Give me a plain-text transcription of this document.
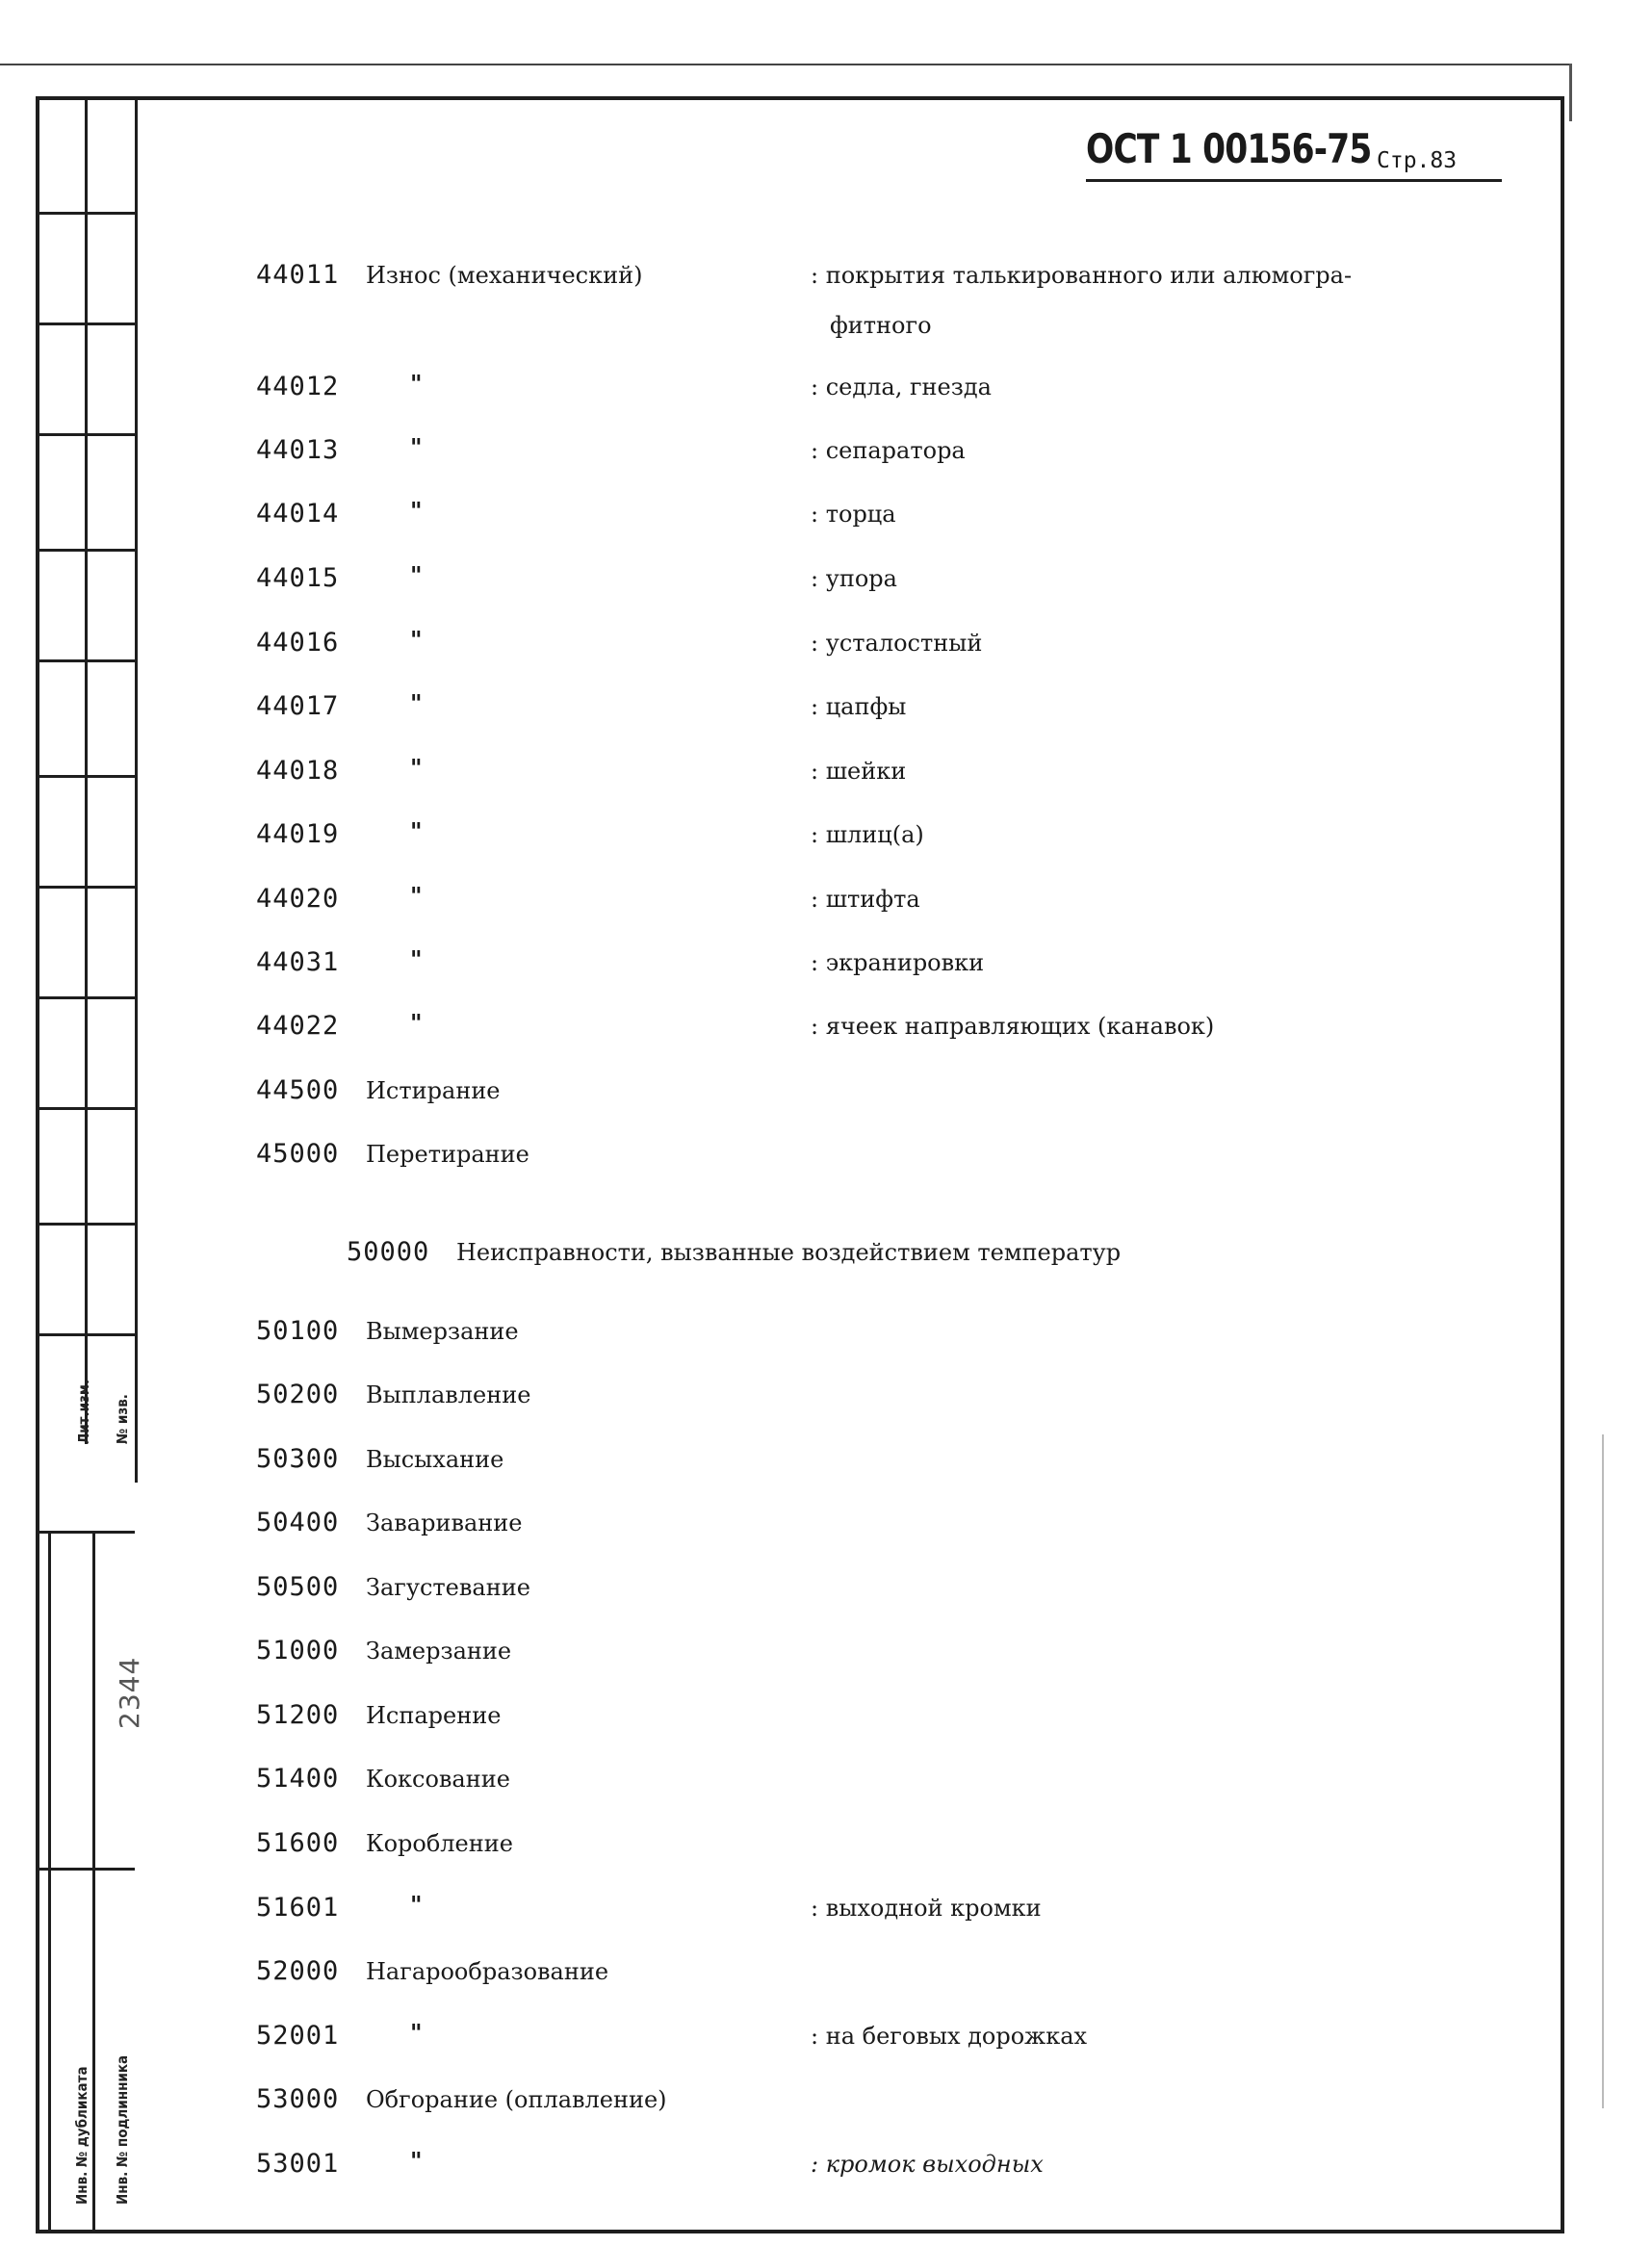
Лит.изм. № изв.
Инв. № дубликата Инв. № подлинника
2344
ОСТ 1 00156-75 Стр.83
44011 Износ (механический)	: покрытия талькированного или алюмогра-
фитного
44012	"	: седла, гнезда
44013	"	: сепаратора
44014	"	: торца
44015	"	: упора
44016	"	: усталостный
44017	"	: цапфы
44018	"	: шейки
44019	"	: шлиц(а)
44020	"	: штифта
44031	"	: экранировки
44022	"	: ячеек направляющих (канавок)
44500 Истирание
45000 Перетирание
50000 Неисправности, вызванные воздействием температур
50100 Вымерзание
50200 Выплавление
50300 Высыхание
50400 Заваривание
50500 Загустевание
51000 Замерзание
51200 Испарение
51400 Коксование
51600 Коробление
51601	"	: выходной кромки
52000 Нагарообразование
52001	"	: на беговых дорожках
53000 Обгорание (оплавление)
53001	"	: кромок выходных
